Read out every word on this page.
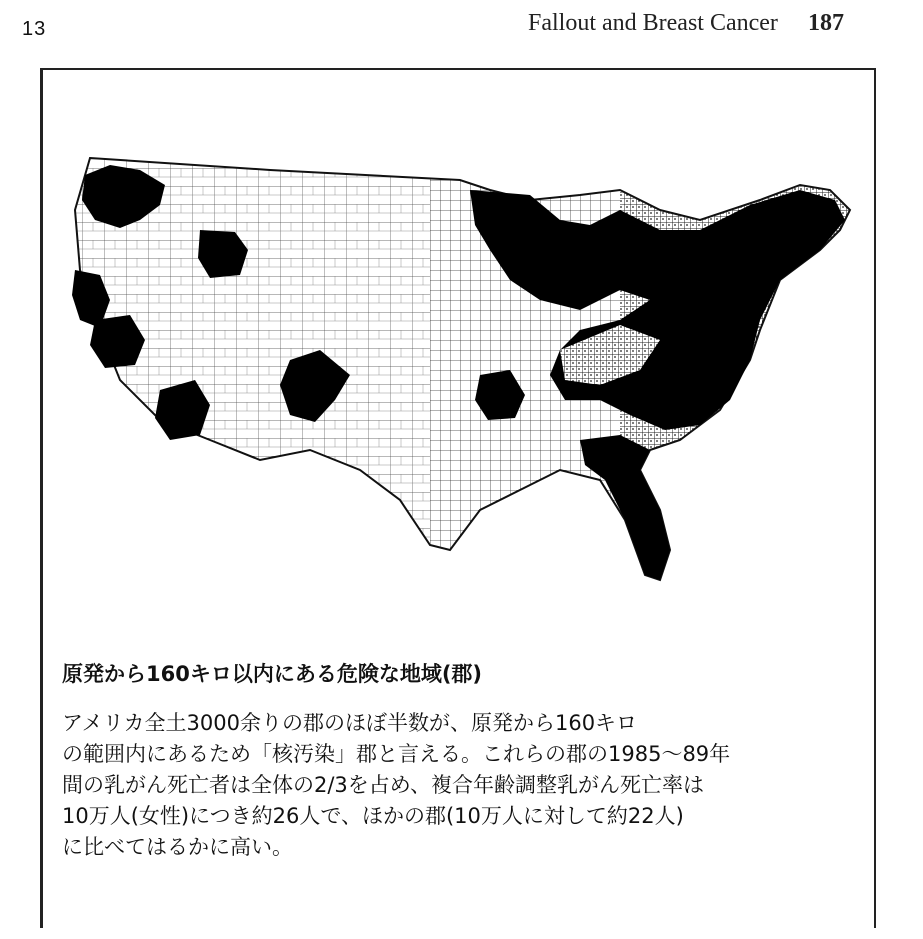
13	Fallout and Breast Cancer 187
原発から160キロ以内にある危険な地域(郡)
アメリカ全土3000余りの郡のほぼ半数が、原発から160キロ
の範囲内にあるため「核汚染」郡と言える。これらの郡の1985〜89年
間の乳がん死亡者は全体の2/3を占め、複合年齢調整乳がん死亡率は
10万人(女性)につき約26人で、ほかの郡(10万人に対して約22人)
に比べてはるかに高い。
